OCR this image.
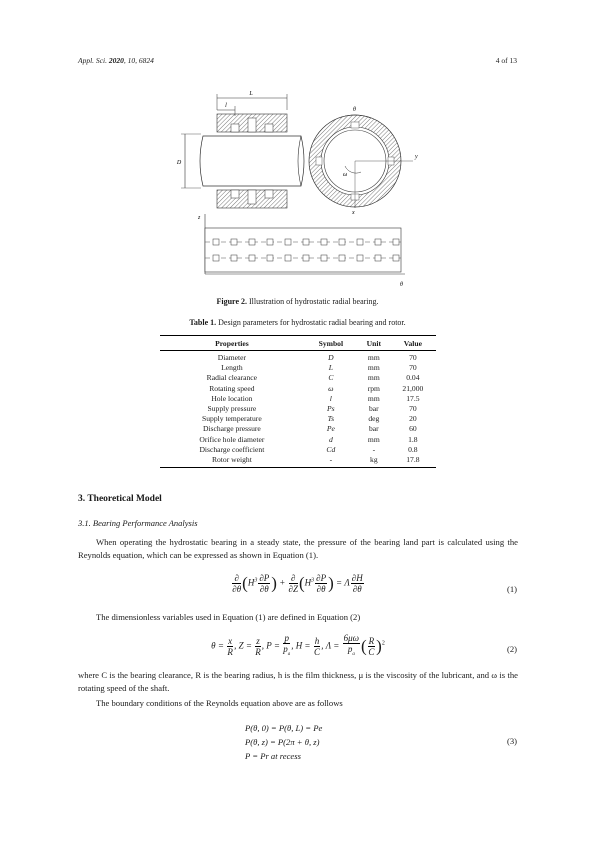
Appl. Sci. 2020, 10, 6824	4 of 13
L
l
D
ω
y
x
θ
z
θ
Figure 2. Illustration of hydrostatic radial bearing.
Table 1. Design parameters for hydrostatic radial bearing and rotor.
Properties	Symbol	Unit	Value
Diameter	D	mm	70
Length	L	mm	70
Radial clearance	C	mm	0.04
Rotating speed	ω	rpm	21,000
Hole location	l	mm	17.5
Supply pressure	Ps	bar	70
Supply temperature	Ts	deg	20
Discharge pressure	Pe	bar	60
Orifice hole diameter	d	mm	1.8
Discharge coefficient	Cd	-	0.8
Rotor weight	-	kg	17.8
3. Theoretical Model
3.1. Bearing Performance Analysis
When operating the hydrostatic bearing in a steady state, the pressure of the bearing land part is calculated using the Reynolds equation, which can be expressed as shown in Equation (1).
$\frac{\partial}{\partial\theta} (H^3 \frac{\partial P}{\partial\theta}$ ) + $\frac{\partial}{\partial Z} (H^3 \frac{\partial P}{\partial\theta}$ ) = Λ $\frac{\partial H}{\partial\theta}$	(1)
The dimensionless variables used in Equation (1) are defined in Equation (2)
$\theta = \frac{x}{R}$ , $Z = \frac{z}{R}$ , $P = \frac{p}{p_a}$ , $H = \frac{h}{C}$ , $\Lambda = \frac{6\mu\omega}{p_a}$ ( $\frac{R}{C} )^2$
(2)
where C is the bearing clearance, R is the bearing radius, h is the film thickness, μ is the viscosity of the lubricant, and ω is the rotating speed of the shaft.
The boundary conditions of the Reynolds equation above are as follows
P(θ, 0) = P(θ, L) = Pe
P(θ, z) = P(2π + θ, z)
P = Pr at recess
(3)
